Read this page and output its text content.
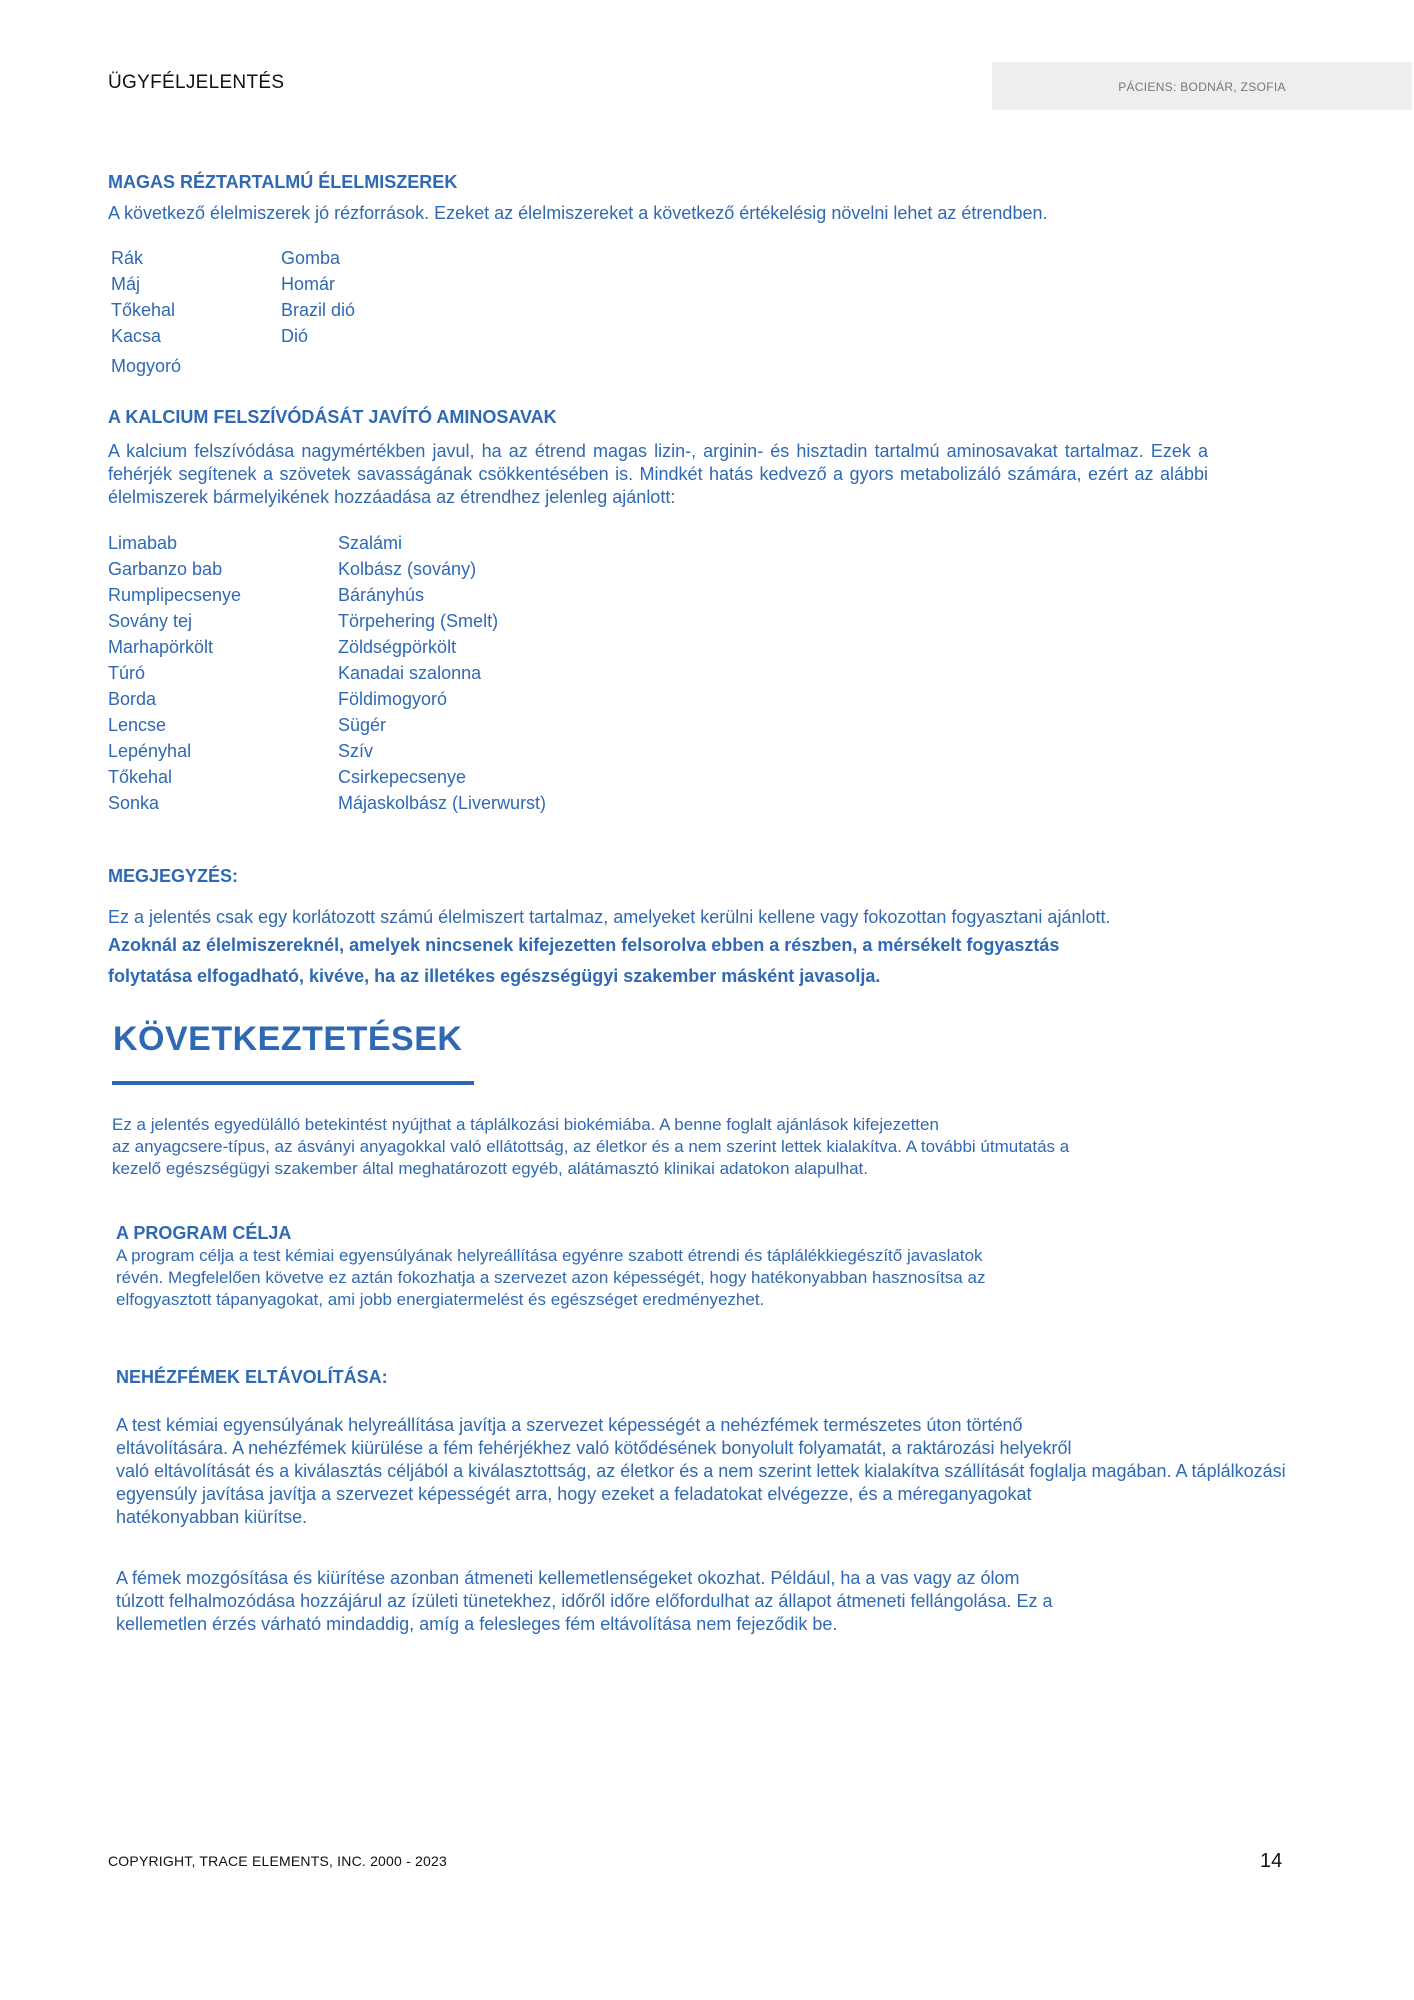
ÜGYFÉLJELENTÉS	PÁCIENS: BODNÁR, ZSOFIA
MAGAS RÉZTARTALMÚ ÉLELMISZEREK
A következő élelmiszerek jó rézforrások. Ezeket az élelmiszereket a következő értékelésig növelni lehet az étrendben.
Rák
Máj
Tőkehal
Kacsa
Mogyoró
Gomba
Homár
Brazil dió
Dió
A KALCIUM FELSZÍVÓDÁSÁT JAVÍTÓ AMINOSAVAK
A kalcium felszívódása nagymértékben javul, ha az étrend magas lizin-, arginin- és hisztadin tartalmú aminosavakat tartalmaz. Ezek a fehérjék segítenek a szövetek savasságának csökkentésében is. Mindkét hatás kedvező a gyors metabolizáló számára, ezért az alábbi élelmiszerek bármelyikének hozzáadása az étrendhez jelenleg ajánlott:
Limabab
Garbanzo bab
Rumplipecsenye
Sovány tej
Marhapörkölt
Túró
Borda
Lencse
Lepényhal
Tőkehal
Sonka
Szalámi
Kolbász (sovány)
Bárányhús
Törpehering (Smelt)
Zöldségpörkölt
Kanadai szalonna
Földimogyoró
Sügér
Szív
Csirkepecsenye
Májaskolbász (Liverwurst)
MEGJEGYZÉS:
Ez a jelentés csak egy korlátozott számú élelmiszert tartalmaz, amelyeket kerülni kellene vagy fokozottan fogyasztani ajánlott.
Azoknál az élelmiszereknél, amelyek nincsenek kifejezetten felsorolva ebben a részben, a mérsékelt fogyasztás
folytatása elfogadható, kivéve, ha az illetékes egészségügyi szakember másként javasolja.
KÖVETKEZTETÉSEK
Ez a jelentés egyedülálló betekintést nyújthat a táplálkozási biokémiába. A benne foglalt ajánlások kifejezetten
az anyagcsere-típus, az ásványi anyagokkal való ellátottság, az életkor és a nem szerint lettek kialakítva. A további útmutatás a
kezelő egészségügyi szakember által meghatározott egyéb, alátámasztó klinikai adatokon alapulhat.
A PROGRAM CÉLJA
A program célja a test kémiai egyensúlyának helyreállítása egyénre szabott étrendi és táplálékkiegészítő javaslatok
révén. Megfelelően követve ez aztán fokozhatja a szervezet azon képességét, hogy hatékonyabban hasznosítsa az
elfogyasztott tápanyagokat, ami jobb energiatermelést és egészséget eredményezhet.
NEHÉZFÉMEK ELTÁVOLÍTÁSA:
A test kémiai egyensúlyának helyreállítása javítja a szervezet képességét a nehézfémek természetes úton történő
eltávolítására. A nehézfémek kiürülése a fém fehérjékhez való kötődésének bonyolult folyamatát, a raktározási helyekről
való eltávolítását és a kiválasztás céljából a kiválasztottság, az életkor és a nem szerint lettek kialakítva szállítását foglalja magában. A táplálkozási
egyensúly javítása javítja a szervezet képességét arra, hogy ezeket a feladatokat elvégezze, és a méreganyagokat
hatékonyabban kiürítse.
A fémek mozgósítása és kiürítése azonban átmeneti kellemetlenségeket okozhat. Például, ha a vas vagy az ólom
túlzott felhalmozódása hozzájárul az ízületi tünetekhez, időről időre előfordulhat az állapot átmeneti fellángolása. Ez a
kellemetlen érzés várható mindaddig, amíg a felesleges fém eltávolítása nem fejeződik be.
COPYRIGHT, TRACE ELEMENTS, INC. 2000 - 2023	14
